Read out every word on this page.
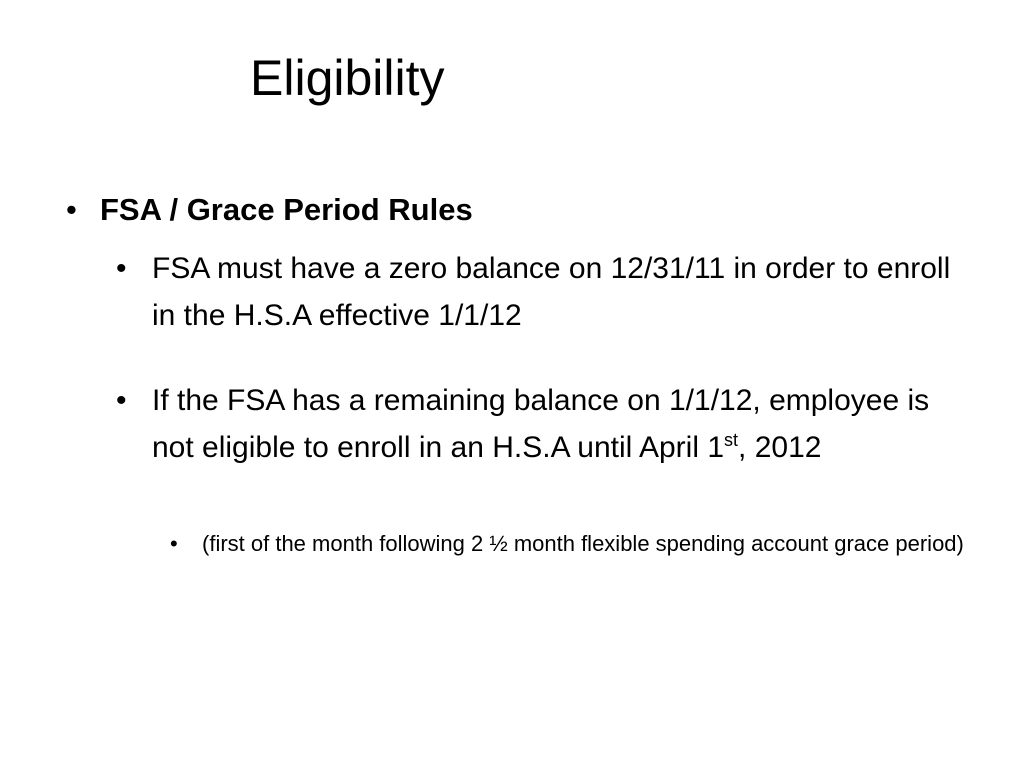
Eligibility
• FSA / Grace Period Rules
• FSA must have a zero balance on 12/31/11 in order to enroll in the H.S.A effective 1/1/12
• If the FSA has a remaining balance on 1/1/12, employee is not eligible to enroll in an H.S.A until April 1st, 2012
•	(first of the month following 2 ½ month flexible spending account grace period)
